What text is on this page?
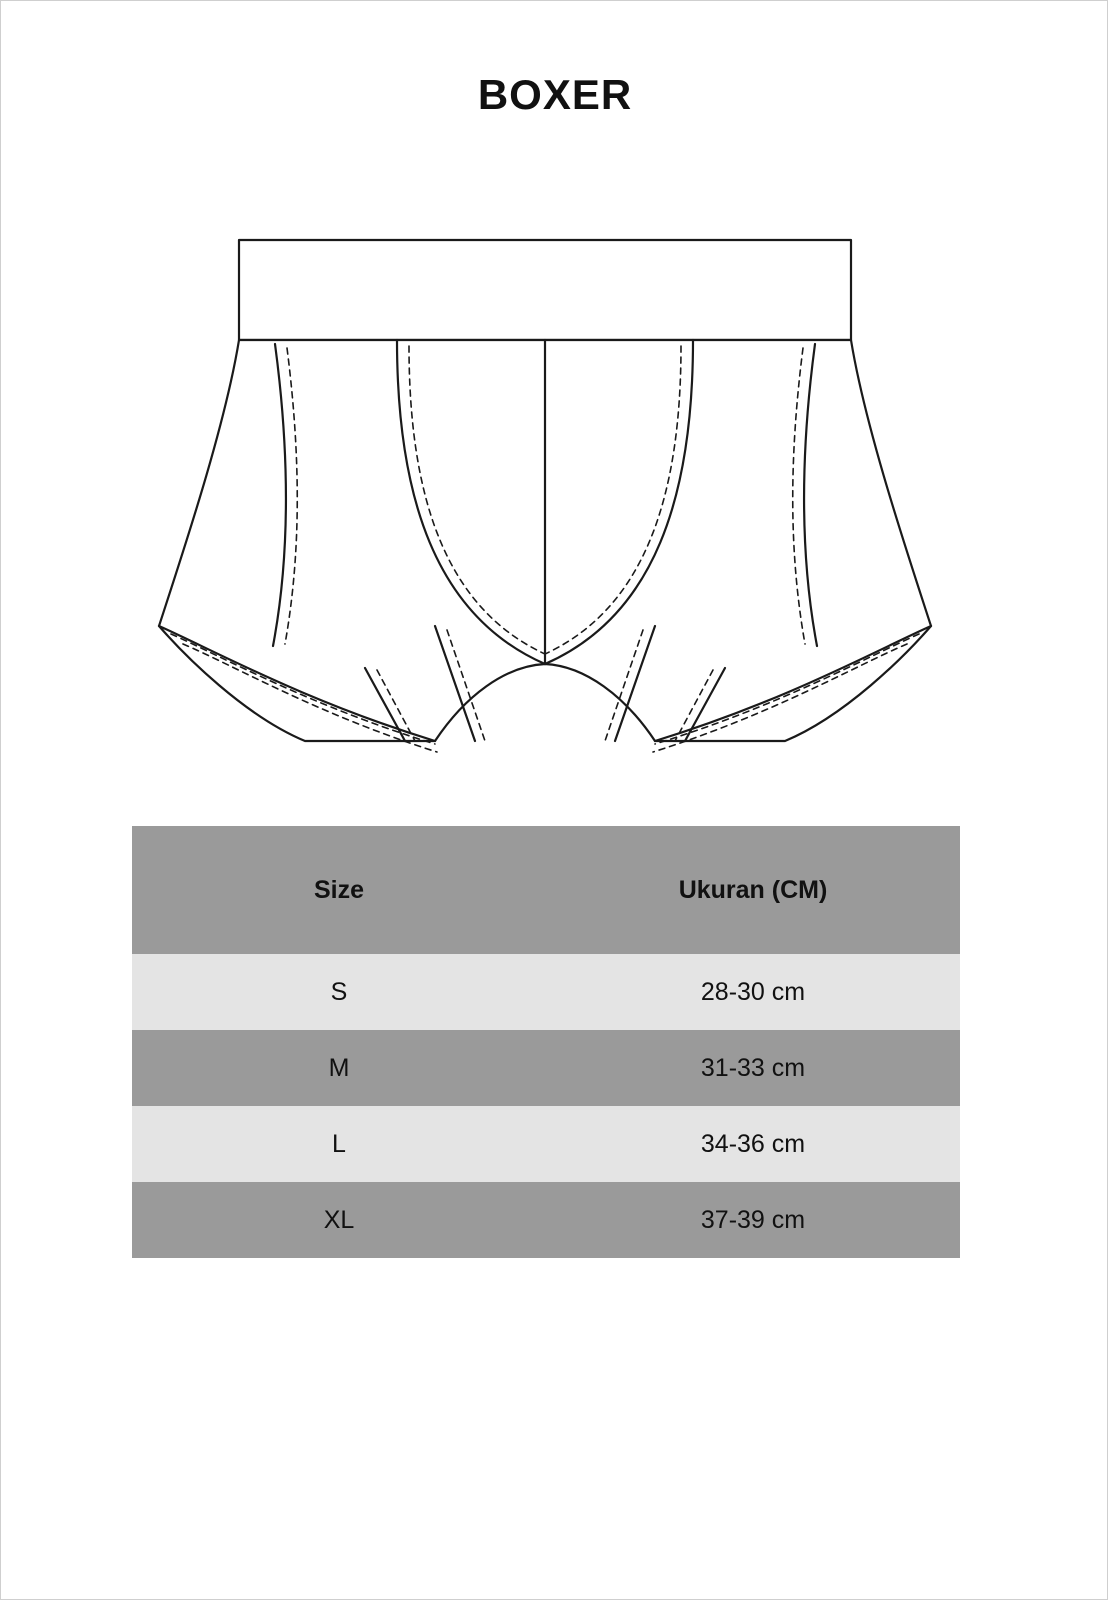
BOXER
Size	Ukuran (CM)
S	28-30 cm
M	31-33 cm
L	34-36 cm
XL	37-39 cm
